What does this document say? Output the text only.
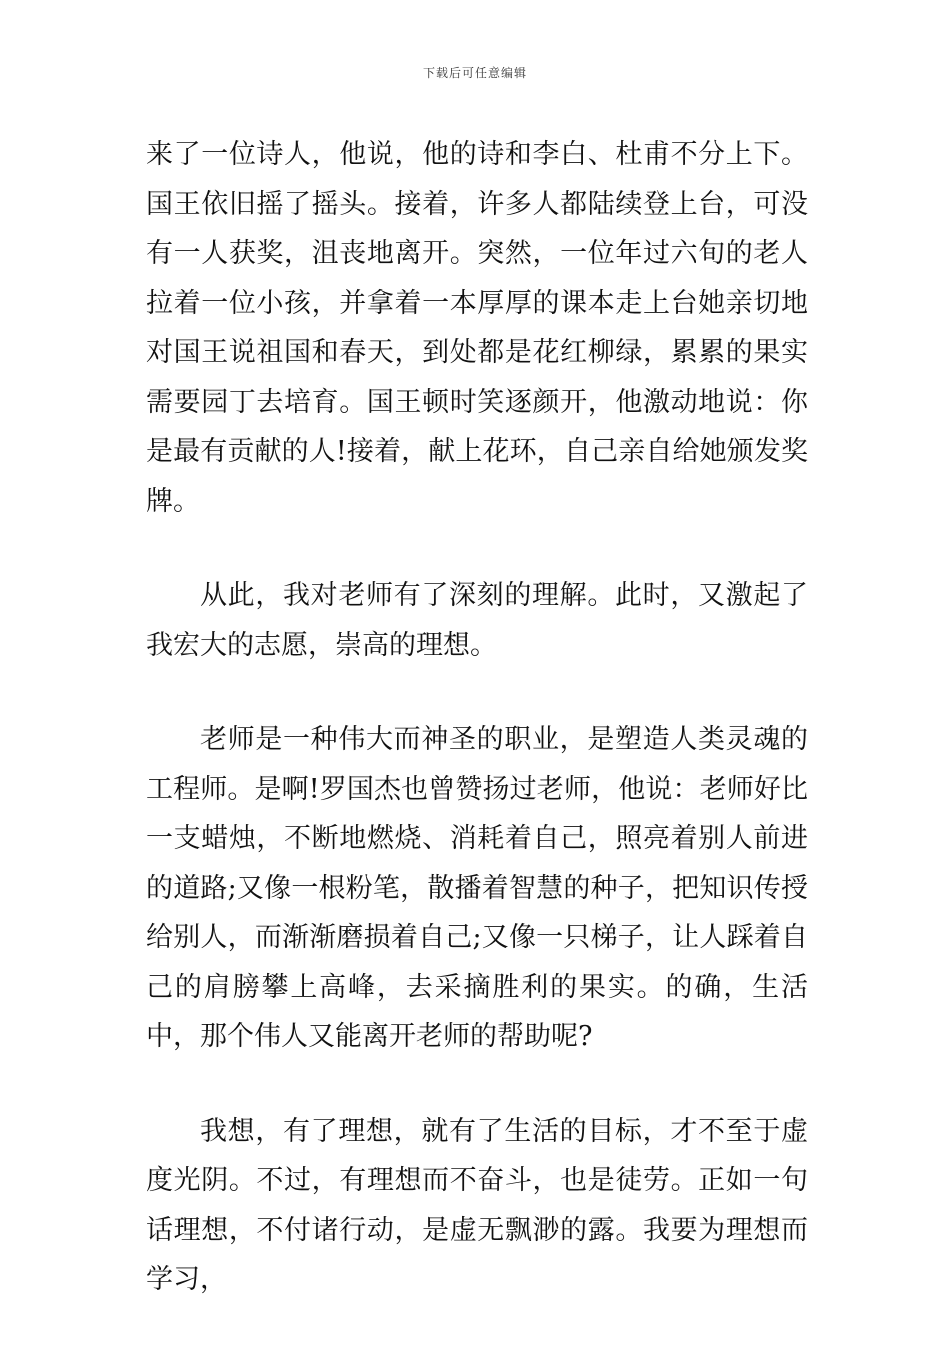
下载后可任意编辑

来了一位诗人，他说，他的诗和李白、杜甫不分上下。国王依旧摇了摇头。接着，许多人都陆续登上台，可没有一人获奖，沮丧地离开。突然，一位年过六旬的老人拉着一位小孩，并拿着一本厚厚的课本走上台她亲切地对国王说祖国和春天，到处都是花红柳绿，累累的果实需要园丁去培育。国王顿时笑逐颜开，他激动地说：你是最有贡献的人!接着，献上花环，自己亲自给她颁发奖牌。

从此，我对老师有了深刻的理解。此时，又激起了我宏大的志愿，崇高的理想。

老师是一种伟大而神圣的职业，是塑造人类灵魂的工程师。是啊!罗国杰也曾赞扬过老师，他说：老师好比一支蜡烛，不断地燃烧、消耗着自己，照亮着别人前进的道路;又像一根粉笔，散播着智慧的种子，把知识传授给别人，而渐渐磨损着自己;又像一只梯子，让人踩着自己的肩膀攀上高峰，去采摘胜利的果实。的确，生活中，那个伟人又能离开老师的帮助呢?

我想，有了理想，就有了生活的目标，才不至于虚度光阴。不过，有理想而不奋斗，也是徒劳。正如一句话理想，不付诸行动，是虚无飘渺的露。我要为理想而学习，
